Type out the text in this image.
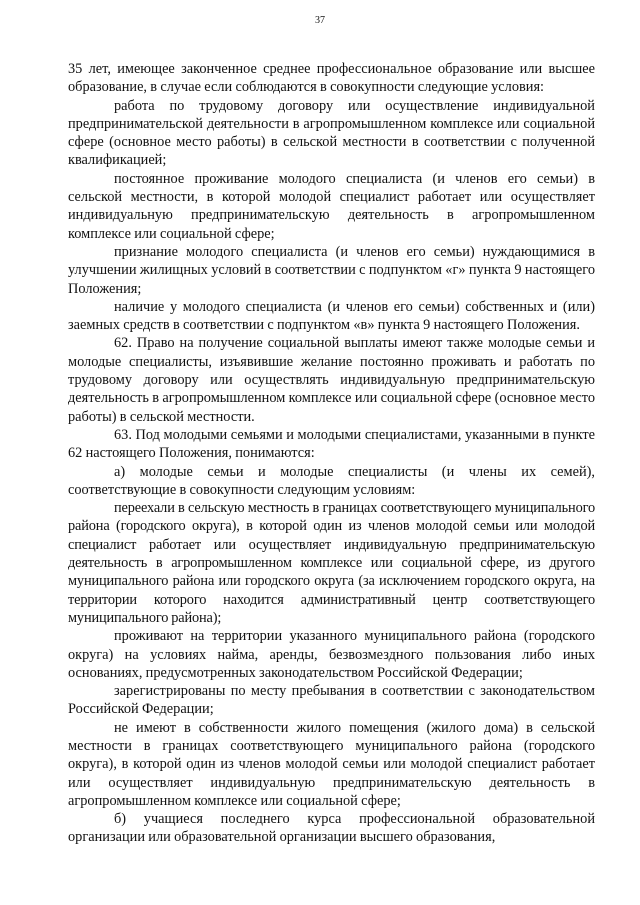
37

35 лет, имеющее законченное среднее профессиональное образование или высшее образование, в случае если соблюдаются в совокупности следующие условия:

работа по трудовому договору или осуществление индивидуальной предпринимательской деятельности в агропромышленном комплексе или социальной сфере (основное место работы) в сельской местности в соответствии с полученной квалификацией;

постоянное проживание молодого специалиста (и членов его семьи) в сельской местности, в которой молодой специалист работает или осуществляет индивидуальную предпринимательскую деятельность в агропромышленном комплексе или социальной сфере;

признание молодого специалиста (и членов его семьи) нуждающимися в улучшении жилищных условий в соответствии с подпунктом «г» пункта 9 настоящего Положения;

наличие у молодого специалиста (и членов его семьи) собственных и (или) заемных средств в соответствии с подпунктом «в» пункта 9 настоящего Положения.

62. Право на получение социальной выплаты имеют также молодые семьи и молодые специалисты, изъявившие желание постоянно проживать и работать по трудовому договору или осуществлять индивидуальную предпринимательскую деятельность в агропромышленном комплексе или социальной сфере (основное место работы) в сельской местности.

63. Под молодыми семьями и молодыми специалистами, указанными в пункте 62 настоящего Положения, понимаются:

а) молодые семьи и молодые специалисты (и члены их семей), соответствующие в совокупности следующим условиям:

переехали в сельскую местность в границах соответствующего муниципального района (городского округа), в которой один из членов молодой семьи или молодой специалист работает или осуществляет индивидуальную предпринимательскую деятельность в агропромышленном комплексе или социальной сфере, из другого муниципального района или городского округа (за исключением городского округа, на территории которого находится административный центр соответствующего муниципального района);

проживают на территории указанного муниципального района (городского округа) на условиях найма, аренды, безвозмездного пользования либо иных основаниях, предусмотренных законодательством Российской Федерации;

зарегистрированы по месту пребывания в соответствии с законодательством Российской Федерации;

не имеют в собственности жилого помещения (жилого дома) в сельской местности в границах соответствующего муниципального района (городского округа), в которой один из членов молодой семьи или молодой специалист работает или осуществляет индивидуальную предпринимательскую деятельность в агропромышленном комплексе или социальной сфере;

б) учащиеся последнего курса профессиональной образовательной организации или образовательной организации высшего образования,
